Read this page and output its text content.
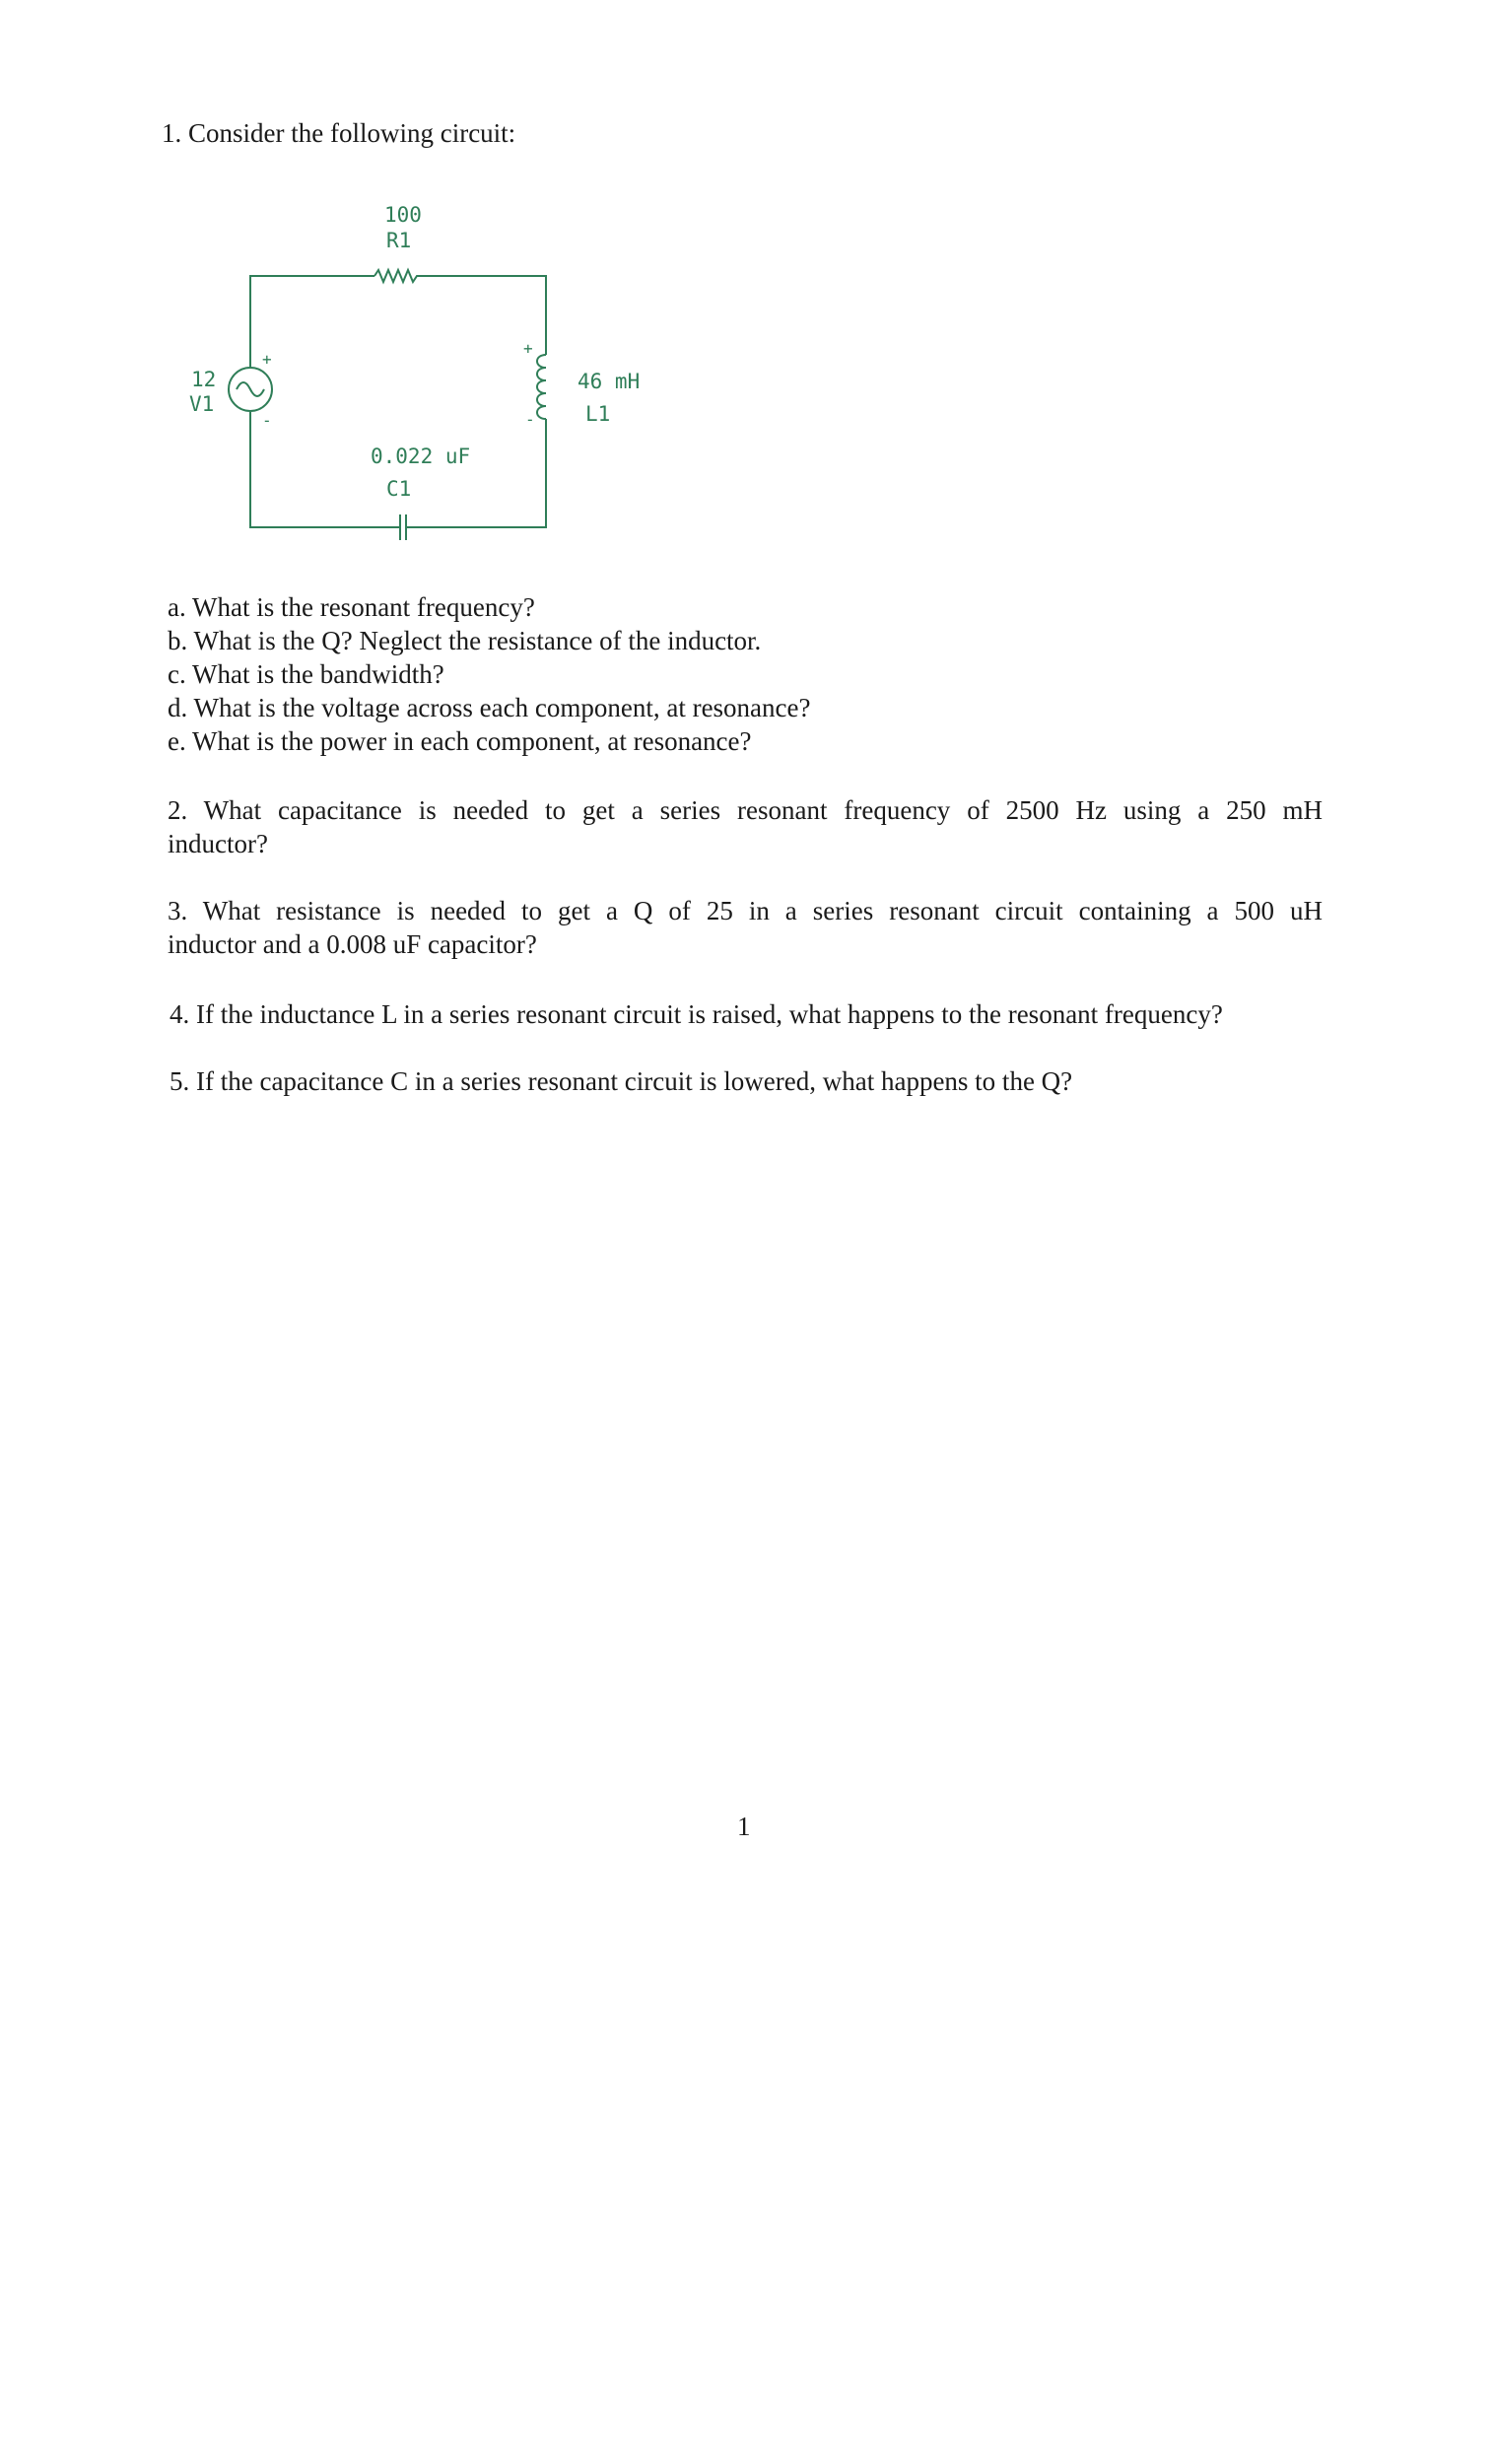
1. Consider the following circuit:
100
R1
12
V1
+
-
+
-
46 mH
L1
0.022 uF
C1
a. What is the resonant frequency?
b. What is the Q? Neglect the resistance of the inductor.
c. What is the bandwidth?
d. What is the voltage across each component, at resonance?
e. What is the power in each component, at resonance?
2. What capacitance is needed to get a series resonant frequency of 2500 Hz using a 250 mH
inductor?
3. What resistance is needed to get a Q of 25 in a series resonant circuit containing a 500 uH
inductor and a 0.008 uF capacitor?
4. If the inductance L in a series resonant circuit is raised, what happens to the resonant frequency?
5. If the capacitance C in a series resonant circuit is lowered, what happens to the Q?
1
